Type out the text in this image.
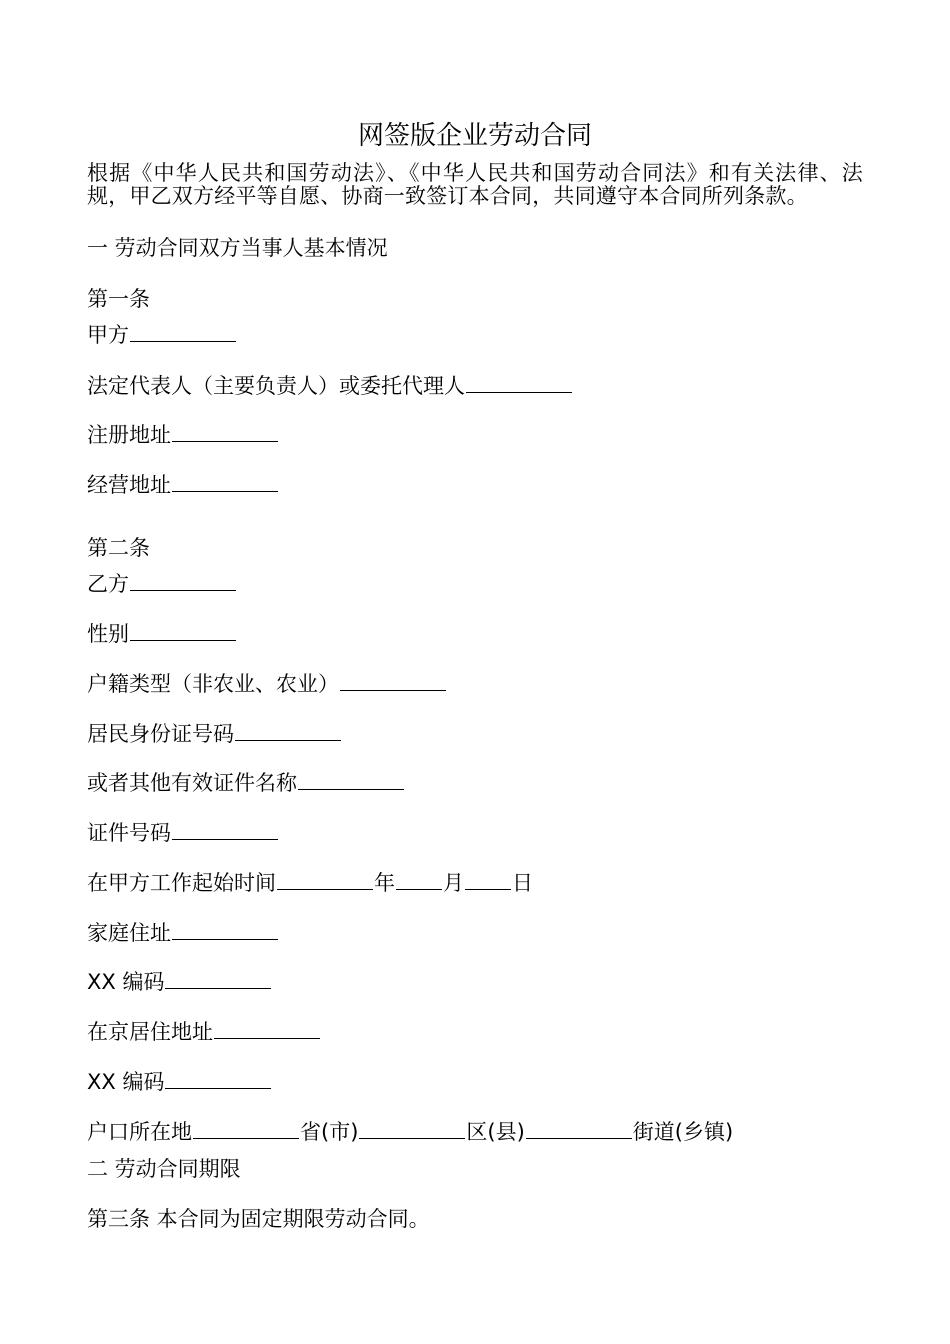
网签版企业劳动合同
根据《中华人民共和国劳动法》、《中华人民共和国劳动合同法》和有关法律、法规，甲乙双方经平等自愿、协商一致签订本合同，共同遵守本合同所列条款。
一 劳动合同双方当事人基本情况
第一条
甲方
法定代表人（主要负责人）或委托代理人
注册地址
经营地址
第二条
乙方
性别
户籍类型（非农业、农业）
居民身份证号码
或者其他有效证件名称
证件号码
在甲方工作起始时间	年 月 日
家庭住址
XX 编码
在京居住地址
XX 编码
户口所在地	省(市)	区(县)	街道(乡镇)
二 劳动合同期限
第三条 本合同为固定期限劳动合同。
